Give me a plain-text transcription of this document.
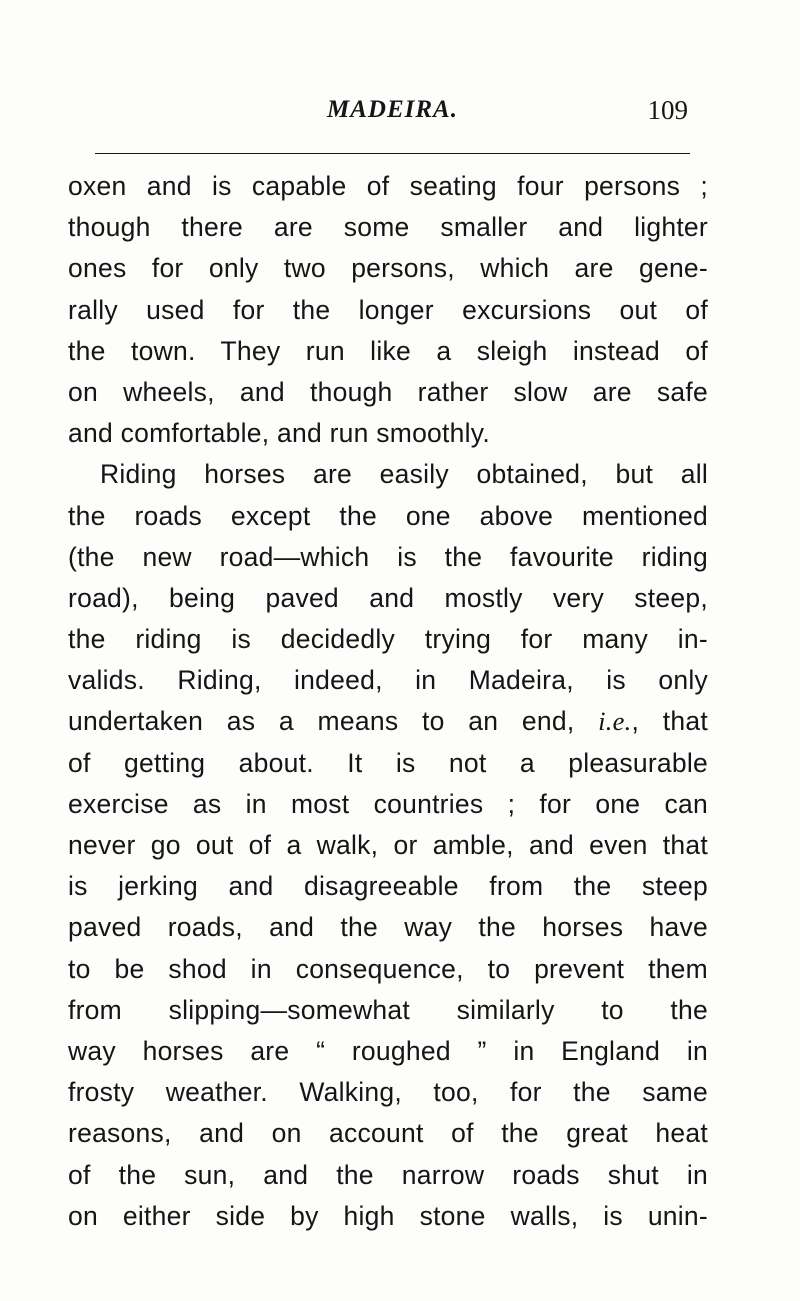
MADEIRA.	109
oxen and is capable of seating four persons ;
though there are some smaller and lighter
ones for only two persons, which are gene-
rally used for the longer excursions out of
the town. They run like a sleigh instead of
on wheels, and though rather slow are safe
and comfortable, and run smoothly.
Riding horses are easily obtained, but all
the roads except the one above mentioned
(the new road—which is the favourite riding
road), being paved and mostly very steep,
the riding is decidedly trying for many in-
valids. Riding, indeed, in Madeira, is only
undertaken as a means to an end, i.e., that
of getting about. It is not a pleasurable
exercise as in most countries ; for one can
never go out of a walk, or amble, and even that
is jerking and disagreeable from the steep
paved roads, and the way the horses have
to be shod in consequence, to prevent them
from slipping—somewhat similarly to the
way horses are “ roughed ” in England in
frosty weather. Walking, too, for the same
reasons, and on account of the great heat
of the sun, and the narrow roads shut in
on either side by high stone walls, is unin-
